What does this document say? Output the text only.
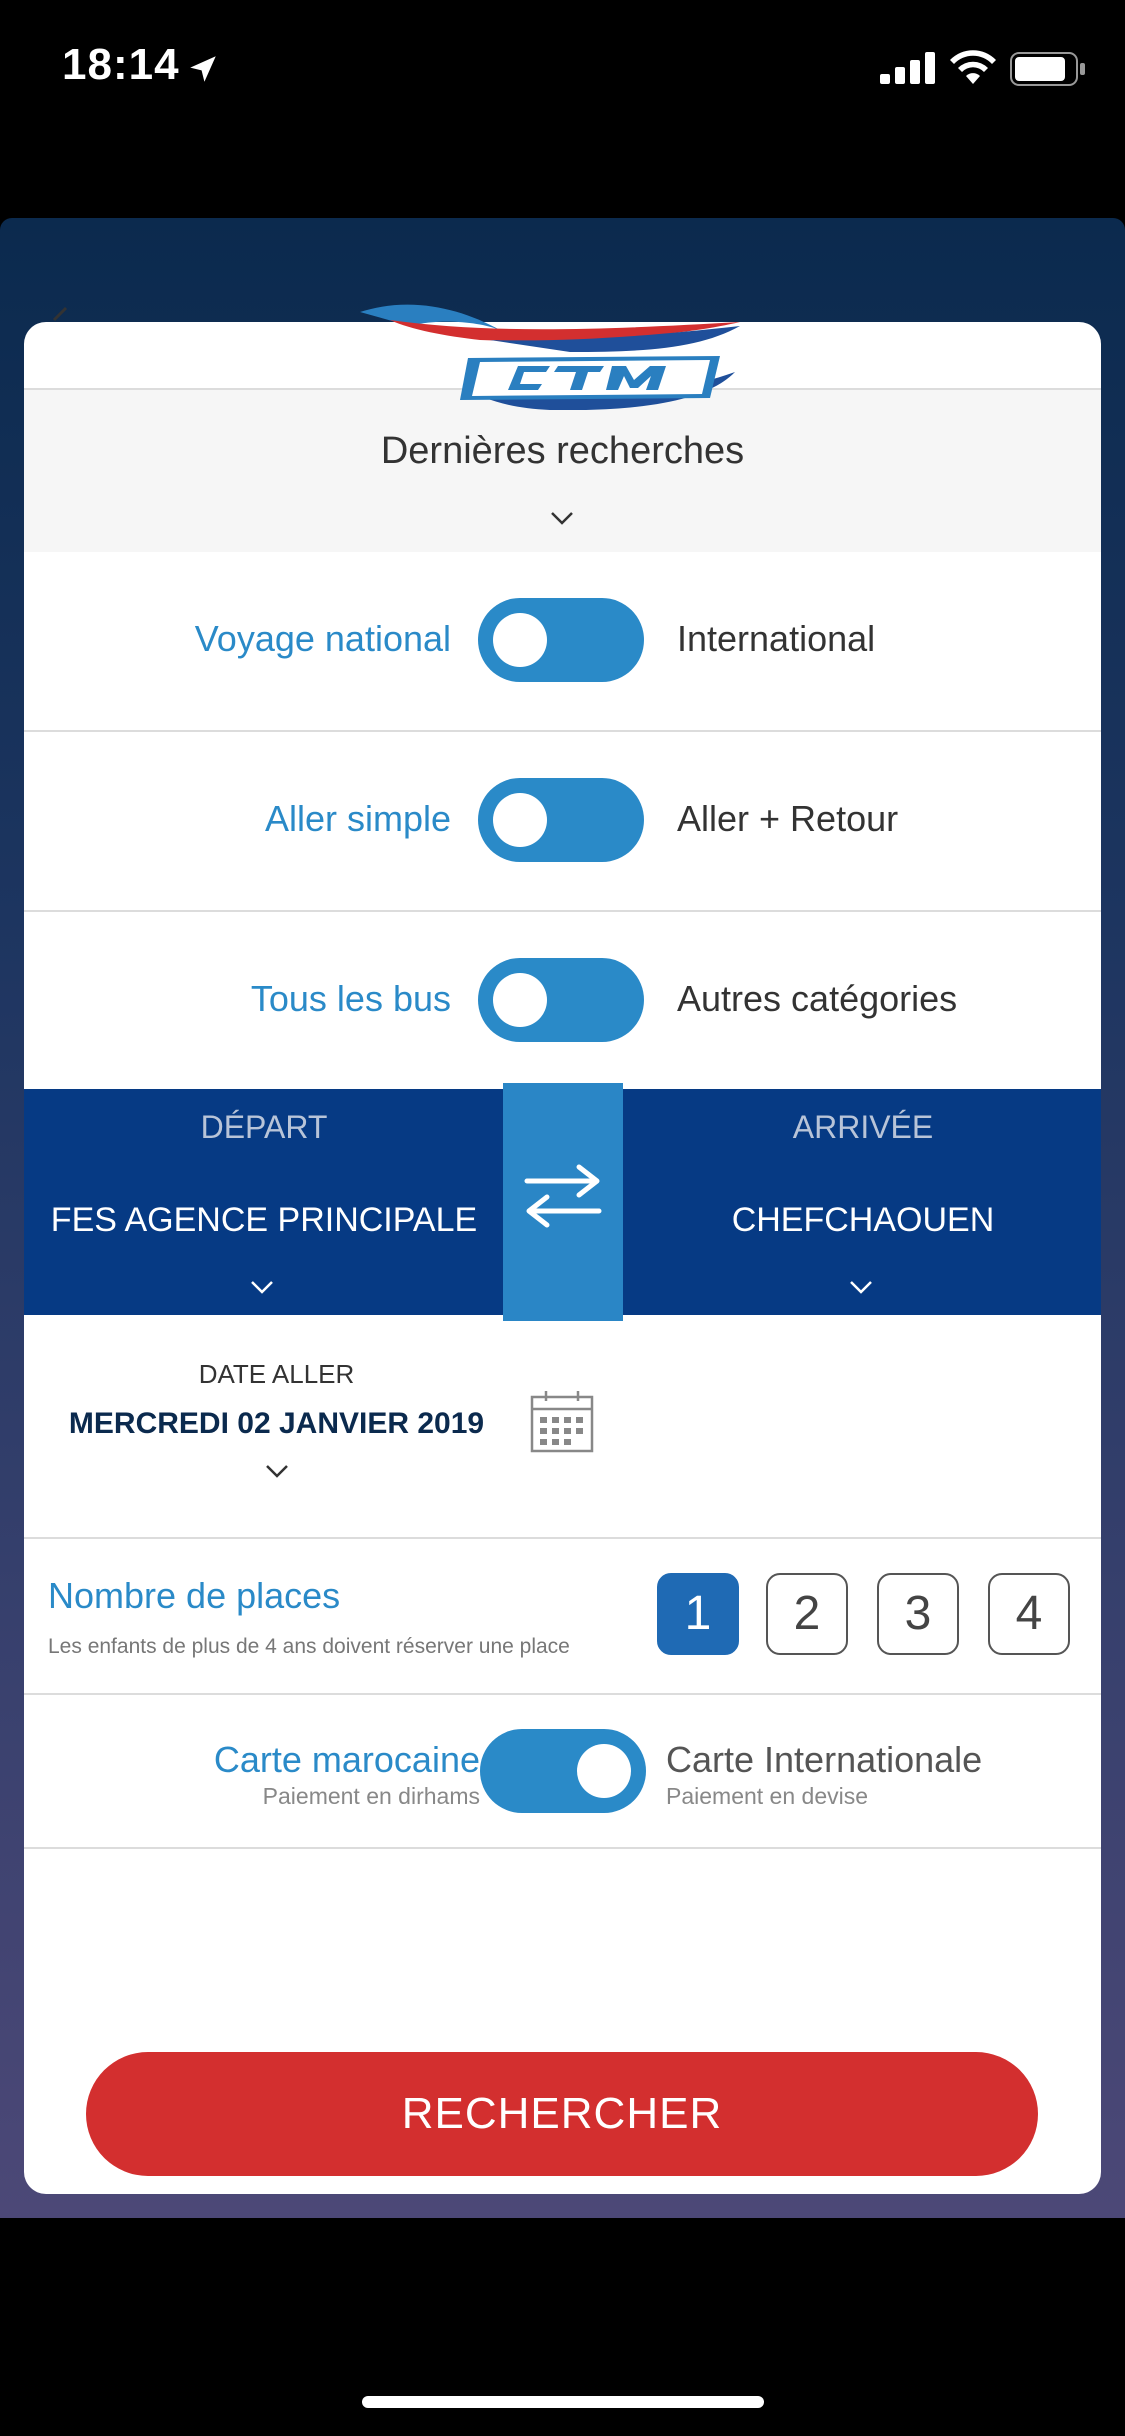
18:14
Dernières recherches
Voyage national	International
Aller simple	Aller + Retour
Tous les bus	Autres catégories
DÉPART
FES AGENCE PRINCIPALE
ARRIVÉE
CHEFCHAOUEN
DATE ALLER
MERCREDI 02 JANVIER 2019
Nombre de places
Les enfants de plus de 4 ans doivent réserver une place
1	2	3	4
Carte marocaine
Paiement en dirhams
Carte Internationale
Paiement en devise
RECHERCHER
